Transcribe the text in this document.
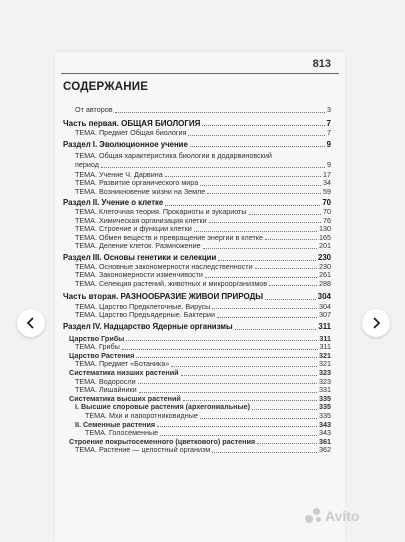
813
СОДЕРЖАНИЕ
От авторов	3
Часть первая. ОБЩАЯ БИОЛОГИЯ	7
ТЕМА. Предмет Общая биология	7
Раздел I. Эволюционное учение	9
ТЕМА. Общая характеристика биологии в додарвиновский
период	9
ТЕМА. Учение Ч. Дарвина	17
ТЕМА. Развитие органического мира	34
ТЕМА. Возникновение жизни на Земле	59
Раздел II. Учение о клетке	70
ТЕМА. Клеточная теория. Прокариоты и эукариоты	70
ТЕМА. Химическая организация клетки	76
ТЕМА. Строение и функции клетки	130
ТЕМА. Обмен веществ и превращение энергии в клетке	165
ТЕМА. Деление клеток. Размножение	201
Раздел III. Основы генетики и селекции	230
ТЕМА. Основные закономерности наследственности	230
ТЕМА. Закономерности изменчивости	261
ТЕМА. Селекция растений, животных и микроорганизмов	288
Часть вторая. РАЗНООБРАЗИЕ ЖИВОЙ ПРИРОДЫ	304
ТЕМА. Царство Предклеточные. Вирусы	304
ТЕМА. Царство Предъядерные. Бактерии	307
Раздел IV. Надцарство Ядерные организмы	311
Царство Грибы	311
ТЕМА. Грибы	311
Царство Растения	321
ТЕМА. Предмет «Ботаника»	321
Систематика низших растений	323
ТЕМА. Водоросли	323
ТЕМА. Лишайники	331
Систематика высших растений	335
I. Высшие споровые растения (архегониальные)	335
ТЕМА. Мхи и папоротниковидные	335
II. Семенные растения	343
ТЕМА. Голосеменные	343
Строение покрытосеменного (цветкового) растения	361
ТЕМА. Растение — целостный организм	362
Avito
